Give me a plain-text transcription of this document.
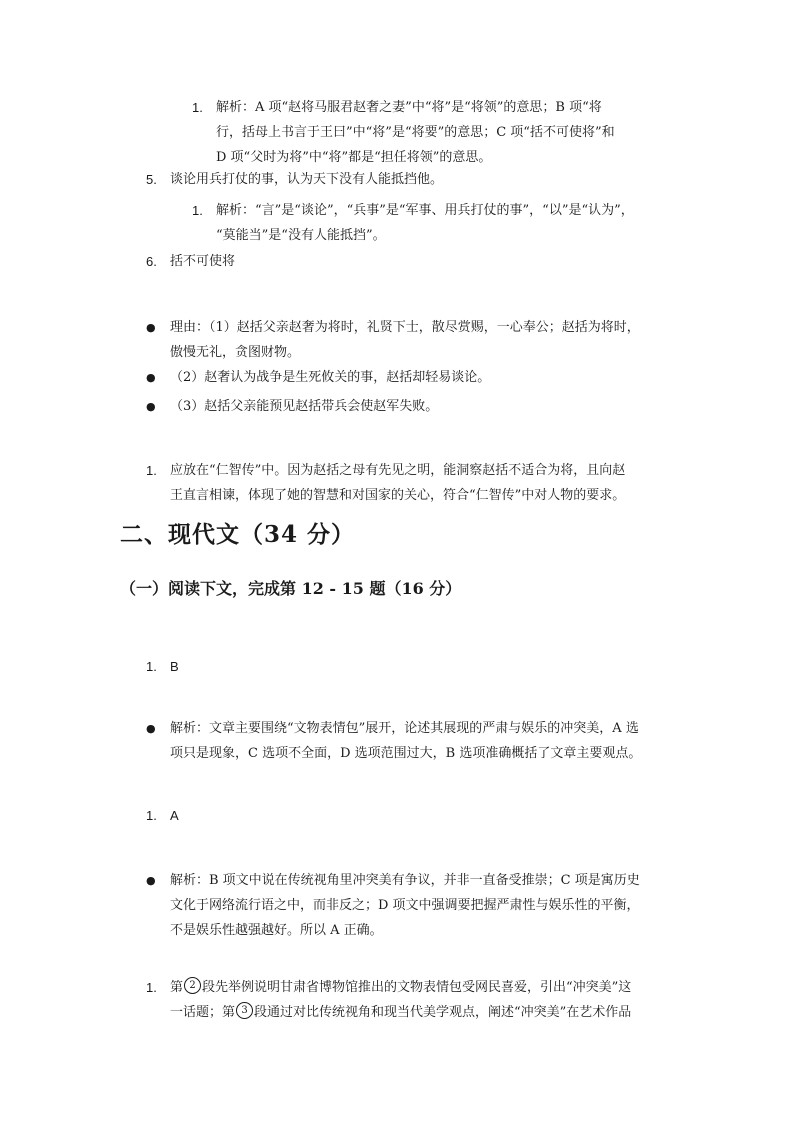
1. 解析：A 项“赵将马服君赵奢之妻”中“将”是“将领”的意思；B 项“将
行，括母上书言于王曰”中“将”是“将要”的意思；C 项“括不可使将”和
D 项“父时为将”中“将”都是“担任将领”的意思。
5. 谈论用兵打仗的事，认为天下没有人能抵挡他。
1. 解析：“言”是“谈论”，“兵事”是“军事、用兵打仗的事”，“以”是“认为”，
“莫能当”是“没有人能抵挡”。
6. 括不可使将
● 理由：（1）赵括父亲赵奢为将时，礼贤下士，散尽赏赐，一心奉公；赵括为将时，
傲慢无礼，贪图财物。
● （2）赵奢认为战争是生死攸关的事，赵括却轻易谈论。
● （3）赵括父亲能预见赵括带兵会使赵军失败。
1. 应放在“仁智传”中。因为赵括之母有先见之明，能洞察赵括不适合为将，且向赵
王直言相谏，体现了她的智慧和对国家的关心，符合“仁智传”中对人物的要求。
二、现代文（34 分）
（一）阅读下文，完成第 12 - 15 题（16 分）
1. B
● 解析：文章主要围绕“文物表情包”展开，论述其展现的严肃与娱乐的冲突美，A 选
项只是现象，C 选项不全面，D 选项范围过大，B 选项准确概括了文章主要观点。
1. A
● 解析：B 项文中说在传统视角里冲突美有争议，并非一直备受推崇；C 项是寓历史
文化于网络流行语之中，而非反之；D 项文中强调要把握严肃性与娱乐性的平衡，
不是娱乐性越强越好。所以 A 正确。
1. 第 2 段先举例说明甘肃省博物馆推出的文物表情包受网民喜爱，引出“冲突美”这
一话题；第 3 段通过对比传统视角和现当代美学观点，阐述“冲突美”在艺术作品
